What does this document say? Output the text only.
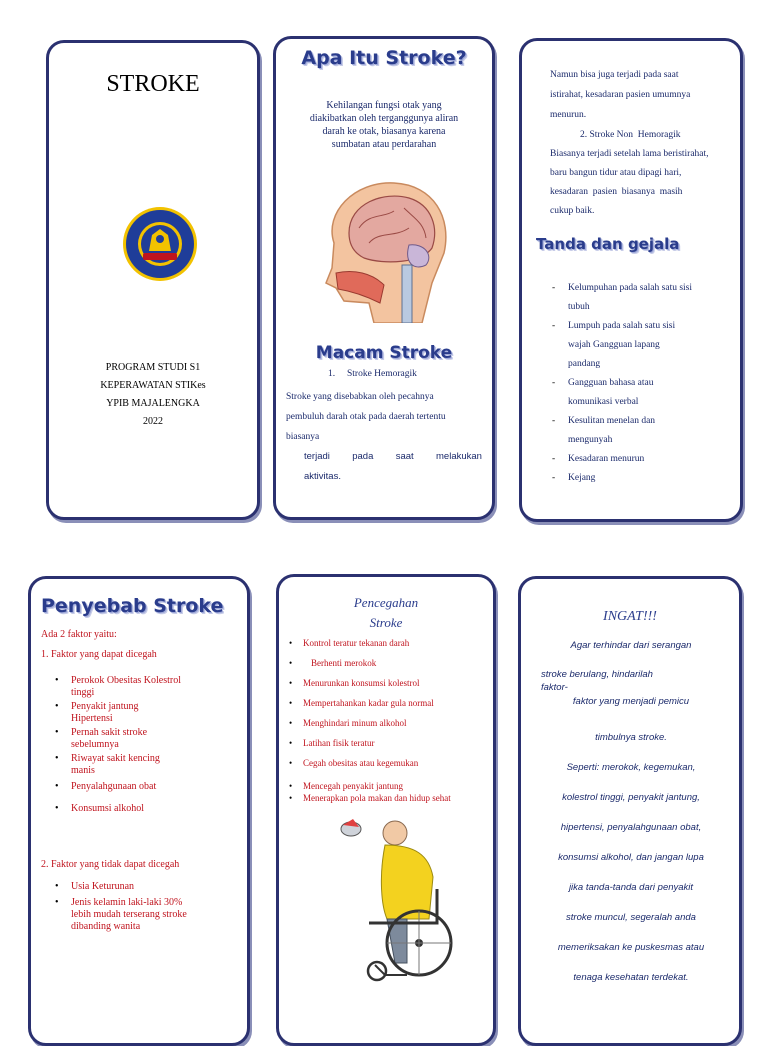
STROKE
PROGRAM STUDI S1
KEPERAWATAN STIKes
YPIB MAJALENGKA
2022
Apa Itu Stroke?
Kehilangan fungsi otak yang
diakibatkan oleh terganggunya aliran
darah ke otak, biasanya karena
sumbatan atau perdarahan
Macam Stroke
1.     Stroke Hemoragik
Stroke yang disebabkan oleh pecahnya
pembuluh darah otak pada daerah tertentu
biasanya
terjadi pada saat melakukan
aktivitas.
Namun bisa juga terjadi pada saat
istirahat, kesadaran pasien umumnya
menurun.
2. Stroke Non  Hemoragik
Biasanya terjadi setelah lama beristirahat,
baru bangun tidur atau dipagi hari,
kesadaran  pasien  biasanya  masih
cukup baik.
Tanda dan gejala
- Kelumpuhan pada salah satu sisi
tubuh
- Lumpuh pada salah satu sisi
wajah Gangguan lapang
pandang
- Gangguan bahasa atau
komunikasi verbal
- Kesulitan menelan dan
mengunyah
- Kesadaran menurun
- Kejang
Penyebab Stroke
Ada 2 faktor yaitu:
1. Faktor yang dapat dicegah
• Perokok Obesitas Kolestrol
tinggi
• Penyakit jantung
Hipertensi
• Pernah sakit stroke
sebelumnya
• Riwayat sakit kencing
manis
• Penyalahgunaan obat
• Konsumsi alkohol
2. Faktor yang tidak dapat dicegah
• Usia Keturunan
• Jenis kelamin laki-laki 30%
lebih mudah terserang stroke
dibanding wanita
Pencegahan
Stroke
• Kontrol teratur tekanan darah
• Berhenti merokok
• Menurunkan konsumsi kolestrol
• Mempertahankan kadar gula normal
• Menghindari minum alkohol
• Latihan fisik teratur
• Cegah obesitas atau kegemukan
• Mencegah penyakit jantung
• Menerapkan pola makan dan hidup sehat
INGAT!!!
Agar terhindar dari serangan
stroke berulang, hindarilah
faktor-
faktor yang menjadi pemicu
timbulnya stroke.
Seperti: merokok, kegemukan,
kolestrol tinggi, penyakit jantung,
hipertensi, penyalahgunaan obat,
konsumsi alkohol, dan jangan lupa
jika tanda-tanda dari penyakit
stroke muncul, segeralah anda
memeriksakan ke puskesmas atau
tenaga kesehatan terdekat.
